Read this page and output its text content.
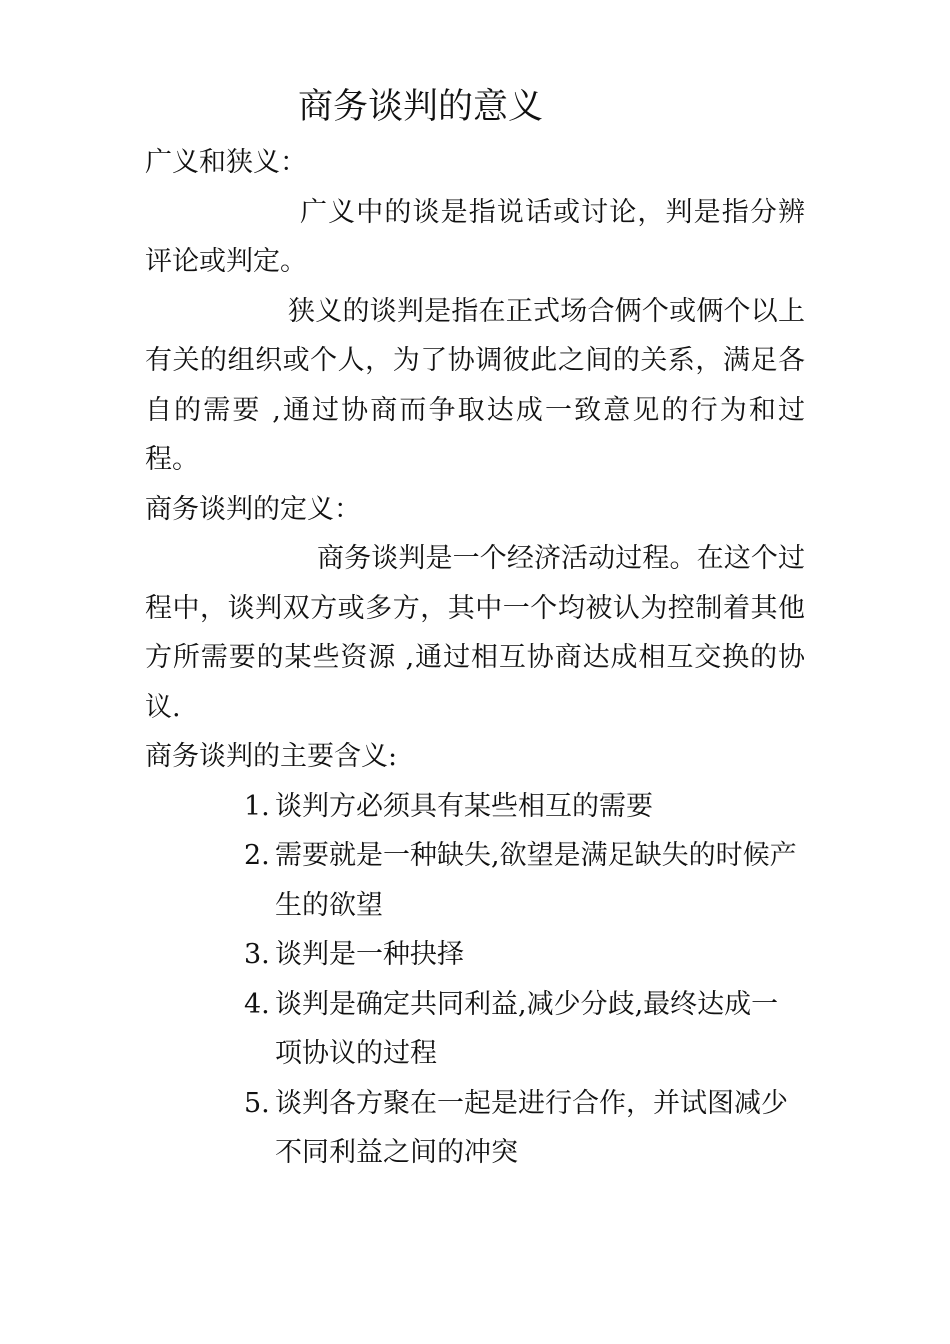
商务谈判的意义
广义和狭义：

广义中的谈是指说话或讨论，判是指分辨评论或判定。

狭义的谈判是指在正式场合俩个或俩个以上有关的组织或个人，为了协调彼此之间的关系，满足各自的需要 ,通过协商而争取达成一致意见的行为和过程。

商务谈判的定义：

商务谈判是一个经济活动过程。在这个过程中，谈判双方或多方，其中一个均被认为控制着其他方所需要的某些资源 ,通过相互协商达成相互交换的协议.

商务谈判的主要含义:
1. 谈判方必须具有某些相互的需要
2. 需要就是一种缺失,欲望是满足缺失的时候产生的欲望
3. 谈判是一种抉择
4. 谈判是确定共同利益,减少分歧,最终达成一项协议的过程
5. 谈判各方聚在一起是进行合作，并试图减少不同利益之间的冲突
